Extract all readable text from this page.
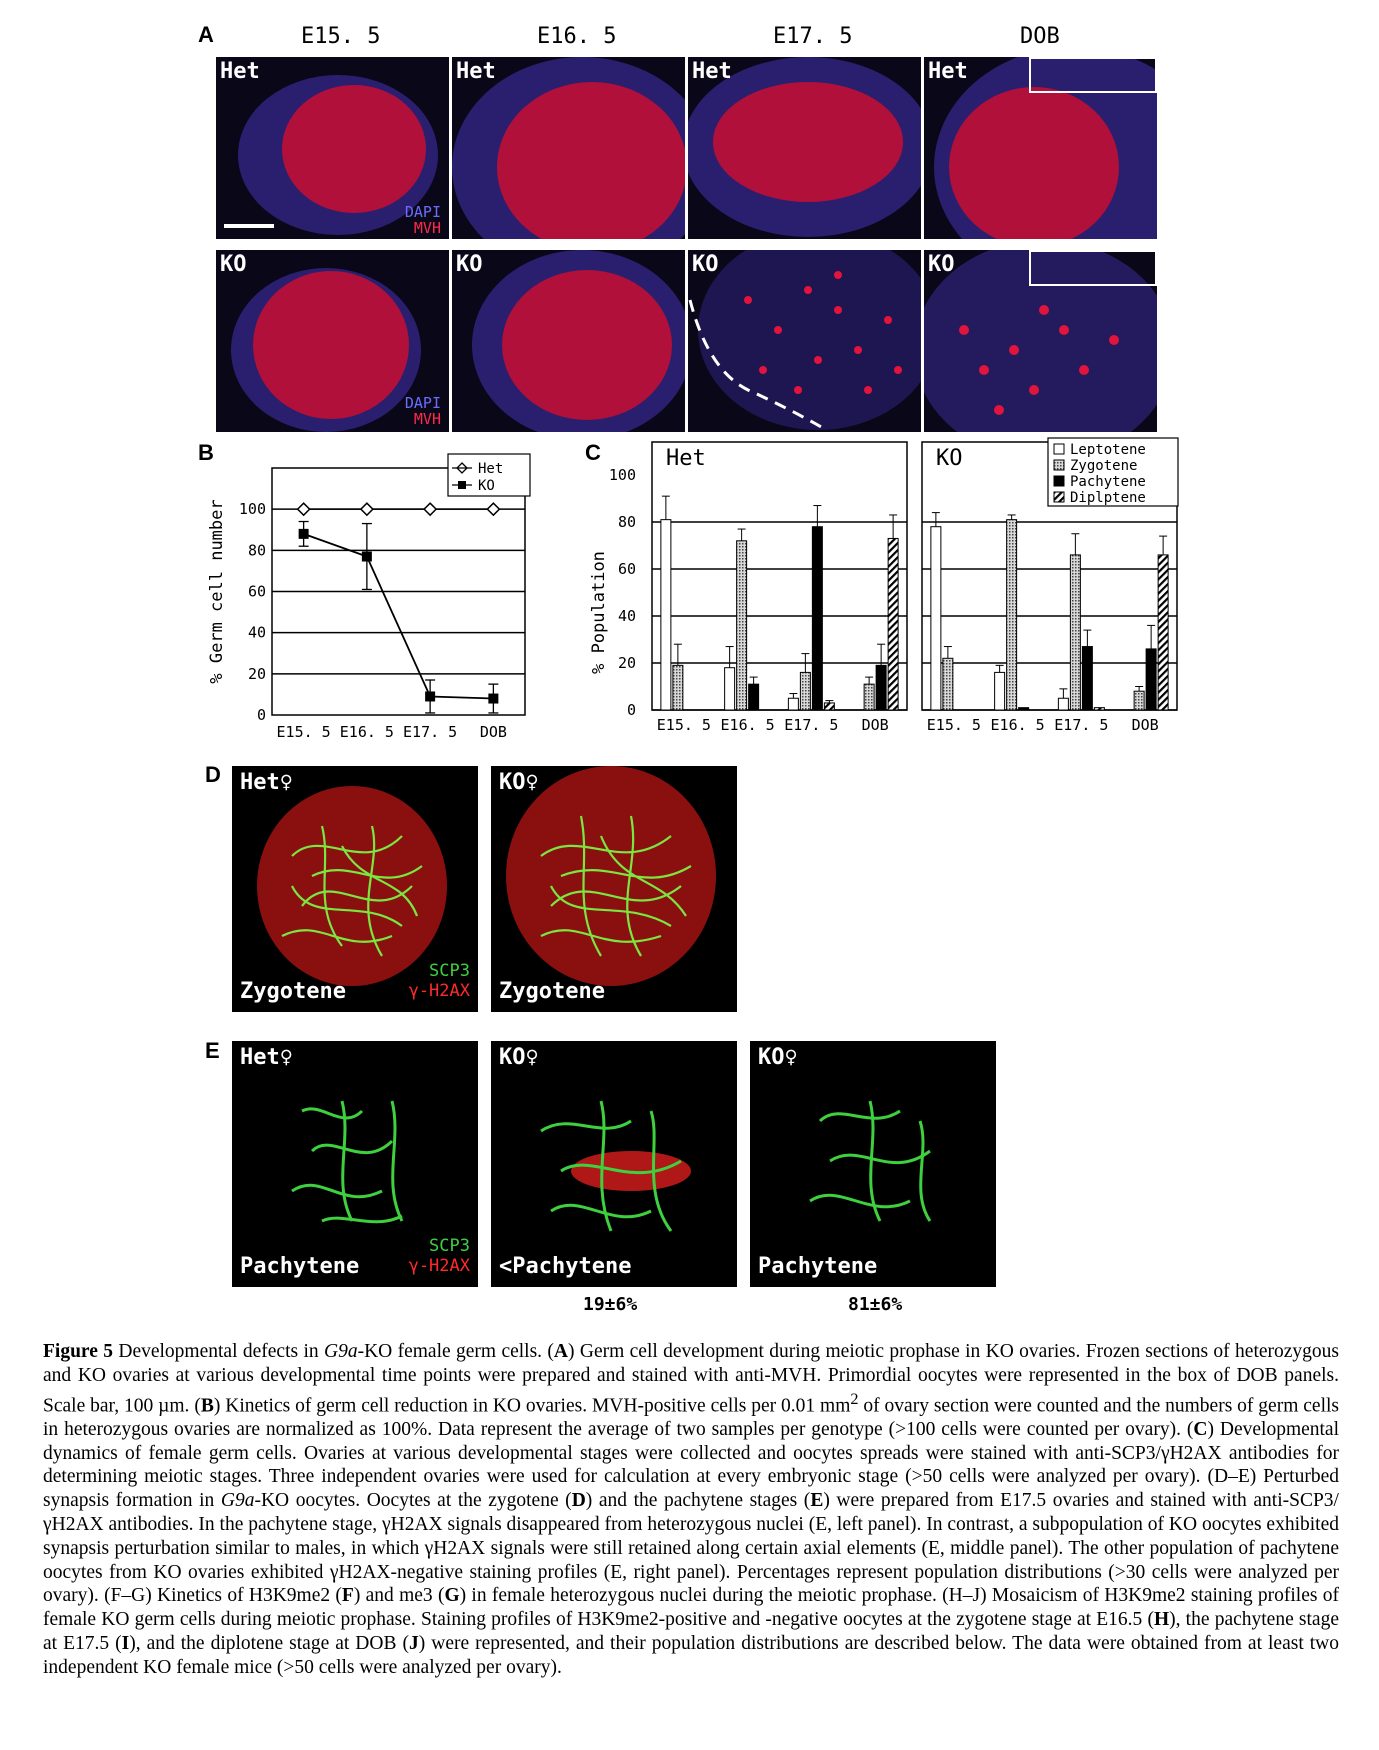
A	E15. 5	E16. 5	E17. 5	DOB
Het
DAPI
MVH
Het	Het	Het
KO
DAPI
MVH
KO	KO	KO
B
0
20
40
60
80
100
E15. 5 E16. 5 E17. 5 DOB
% Germ cell number
Het
KO
C
% Population
0
20
40
60
80
100
Het
E15. 5 E16. 5 E17. 5 DOB
KO
E15. 5 E16. 5 E17. 5 DOB
Leptotene
Zygotene
Pachytene
Diplptene
D Het♀
Zygotene
SCP3
γ-H2AX
KO♀
Zygotene
E Het♀
Pachytene
SCP3
γ-H2AX
KO♀
<Pachytene
KO♀
Pachytene
19±6%	81±6%

Figure 5 Developmental defects in G9a-KO female germ cells. (A) Germ cell development during meiotic prophase in KO ovaries. Frozen sections of heterozygous and KO ovaries at various developmental time points were prepared and stained with anti-MVH. Primordial oocytes were represented in the box of DOB panels. Scale bar, 100 µm. (B) Kinetics of germ cell reduction in KO ovaries. MVH-positive cells per 0.01 $mm^2$ of ovary section were counted and the numbers of germ cells in heterozygous ovaries are normalized as 100%. Data represent the average of two samples per genotype (>100 cells were counted per ovary). (C) Developmental dynamics of female germ cells. Ovaries at various developmental stages were collected and oocytes spreads were stained with anti-SCP3/γH2AX antibodies for determining meiotic stages. Three independent ovaries were used for calculation at every embryonic stage (>50 cells were analyzed per ovary). (D–E) Perturbed synapsis formation in G9a-KO oocytes. Oocytes at the zygotene (D) and the pachytene stages (E) were prepared from E17.5 ovaries and stained with anti-SCP3/γH2AX antibodies. In the pachytene stage, γH2AX signals disappeared from heterozygous nuclei (E, left panel). In contrast, a subpopulation of KO oocytes exhibited synapsis perturbation similar to males, in which γH2AX signals were still retained along certain axial elements (E, middle panel). The other population of pachytene oocytes from KO ovaries exhibited γH2AX-negative staining profiles (E, right panel). Percentages represent population distributions (>30 cells were analyzed per ovary). (F–G) Kinetics of H3K9me2 (F) and me3 (G) in female heterozygous nuclei during the meiotic prophase. (H–J) Mosaicism of H3K9me2 staining profiles of female KO germ cells during meiotic prophase. Staining profiles of H3K9me2-positive and -negative oocytes at the zygotene stage at E16.5 (H), the pachytene stage at E17.5 (I), and the diplotene stage at DOB (J) were represented, and their population distributions are described below. The data were obtained from at least two independent KO female mice (>50 cells were analyzed per ovary).
